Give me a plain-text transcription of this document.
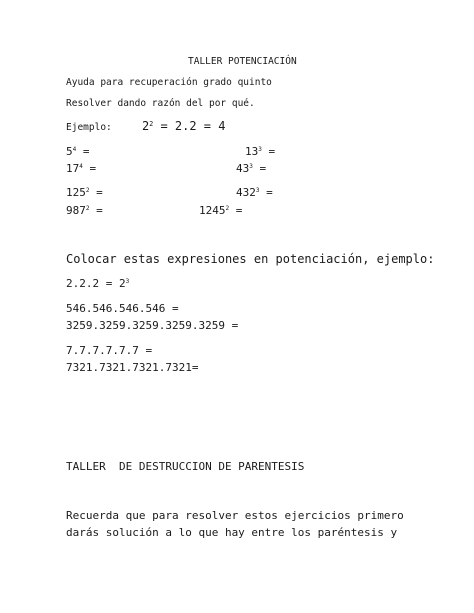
TALLER POTENCIACIÓN
Ayuda para recuperación grado quinto
Resolver dando razón del por qué.
Ejemplo:	$2^2 = 2.2 = 4$
$5^4$ =	$13^3$ =
$17^4$ =	$43^3$ =
$125^2$ =	$432^3$ =
$987^2$ =	$1245^2$ =
Colocar estas expresiones en potenciación, ejemplo:
$2.2.2 = 2^3$
546.546.546.546 =
3259.3259.3259.3259.3259 =
7.7.7.7.7.7 =
7321.7321.7321.7321=
TALLER  DE DESTRUCCION DE PARENTESIS
Recuerda que para resolver estos ejercicios primero
darás solución a lo que hay entre los paréntesis y
